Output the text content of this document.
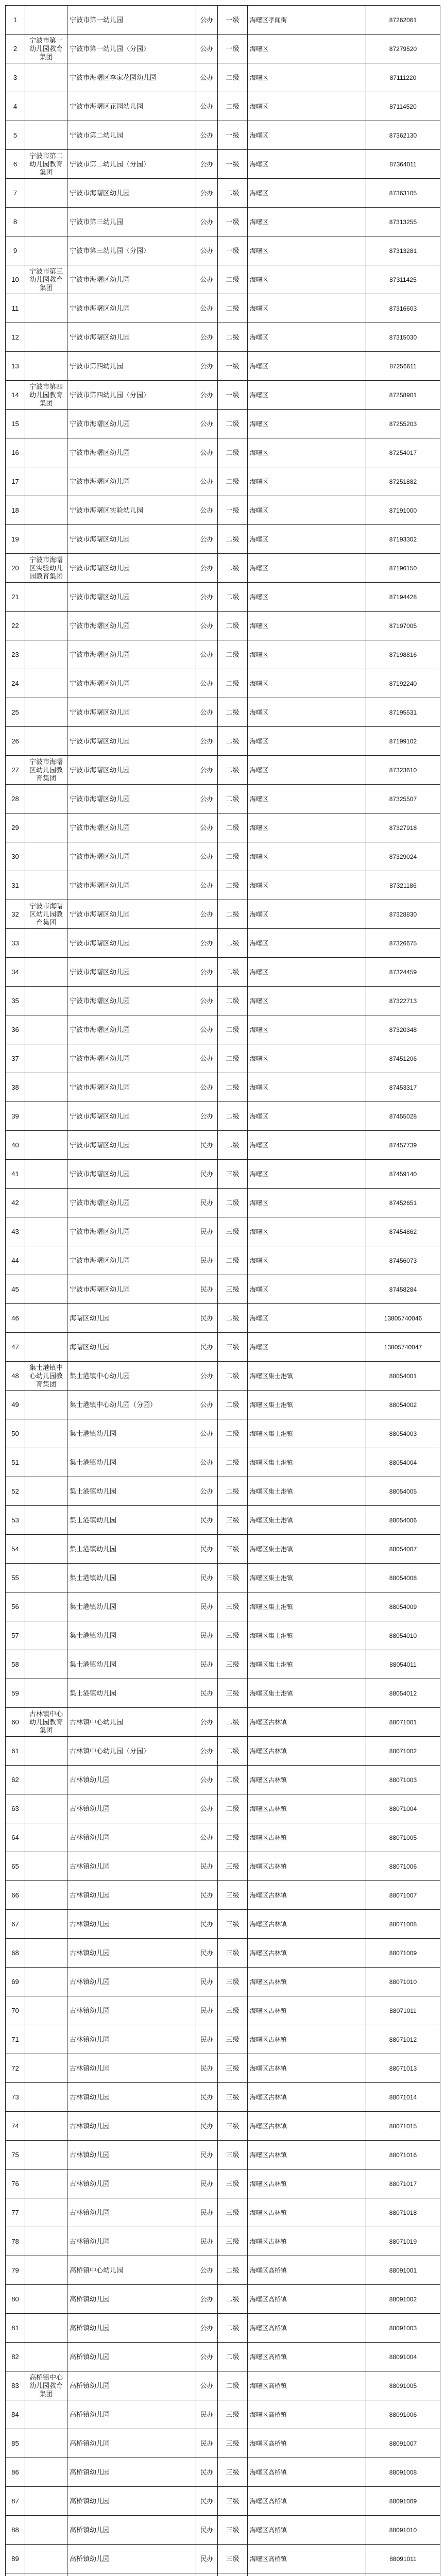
1		宁波市第一幼儿园	公办	一级	海曙区孝闻街	87262061
2	宁波市第一幼儿园教育集团	宁波市第一幼儿园（分园）	公办	一级	海曙区	87279520
3		宁波市海曙区李家花园幼儿园	公办	二级	海曙区	87111220
4		宁波市海曙区花园幼儿园	公办	二级	海曙区	87114520
5		宁波市第二幼儿园	公办	一级	海曙区	87362130
6	宁波市第二幼儿园教育集团	宁波市第二幼儿园（分园）	公办	一级	海曙区	87364011
7		宁波市海曙区幼儿园	公办	二级	海曙区	87363105
8		宁波市第三幼儿园	公办	一级	海曙区	87313255
9		宁波市第三幼儿园（分园）	公办	一级	海曙区	87313281
10	宁波市第三幼儿园教育集团	宁波市海曙区幼儿园	公办	二级	海曙区	87311425
11		宁波市海曙区幼儿园	公办	二级	海曙区	87316603
12		宁波市海曙区幼儿园	公办	二级	海曙区	87315030
13		宁波市第四幼儿园	公办	一级	海曙区	87256611
14	宁波市第四幼儿园教育集团	宁波市第四幼儿园（分园）	公办	一级	海曙区	87258901
15		宁波市海曙区幼儿园	公办	二级	海曙区	87255203
16		宁波市海曙区幼儿园	公办	二级	海曙区	87254017
17		宁波市海曙区幼儿园	公办	二级	海曙区	87251882
18		宁波市海曙区实验幼儿园	公办	一级	海曙区	87191000
19		宁波市海曙区幼儿园	公办	二级	海曙区	87193302
20	宁波市海曙区实验幼儿园教育集团	宁波市海曙区幼儿园	公办	二级	海曙区	87196150
21		宁波市海曙区幼儿园	公办	二级	海曙区	87194428
22		宁波市海曙区幼儿园	公办	二级	海曙区	87197005
23		宁波市海曙区幼儿园	公办	二级	海曙区	87198816
24		宁波市海曙区幼儿园	公办	二级	海曙区	87192240
25		宁波市海曙区幼儿园	公办	二级	海曙区	87195531
26		宁波市海曙区幼儿园	公办	二级	海曙区	87199102
27	宁波市海曙区幼儿园教育集团	宁波市海曙区幼儿园	公办	二级	海曙区	87323610
28		宁波市海曙区幼儿园	公办	二级	海曙区	87325507
29		宁波市海曙区幼儿园	公办	二级	海曙区	87327918
30		宁波市海曙区幼儿园	公办	二级	海曙区	87329024
31		宁波市海曙区幼儿园	公办	二级	海曙区	87321186
32	宁波市海曙区幼儿园教育集团	宁波市海曙区幼儿园	公办	二级	海曙区	87328830
33		宁波市海曙区幼儿园	公办	二级	海曙区	87326675
34		宁波市海曙区幼儿园	公办	二级	海曙区	87324459
35		宁波市海曙区幼儿园	公办	二级	海曙区	87322713
36		宁波市海曙区幼儿园	公办	二级	海曙区	87320348
37		宁波市海曙区幼儿园	公办	二级	海曙区	87451206
38		宁波市海曙区幼儿园	公办	二级	海曙区	87453317
39		宁波市海曙区幼儿园	公办	二级	海曙区	87455028
40		宁波市海曙区幼儿园	民办	二级	海曙区	87457739
41		宁波市海曙区幼儿园	民办	三级	海曙区	87459140
42		宁波市海曙区幼儿园	民办	二级	海曙区	87452651
43		宁波市海曙区幼儿园	民办	三级	海曙区	87454862
44		宁波市海曙区幼儿园	民办	二级	海曙区	87456073
45		宁波市海曙区幼儿园	民办	三级	海曙区	87458284
46		海曙区幼儿园	民办	二级	海曙区	13805740046
47		海曙区幼儿园	民办	三级	海曙区	13805740047
48	集士港镇中心幼儿园教育集团	集士港镇中心幼儿园	公办	二级	海曙区集士港镇	88054001
49		集士港镇中心幼儿园（分园）	公办	二级	海曙区集士港镇	88054002
50		集士港镇幼儿园	公办	二级	海曙区集士港镇	88054003
51		集士港镇幼儿园	公办	二级	海曙区集士港镇	88054004
52		集士港镇幼儿园	公办	二级	海曙区集士港镇	88054005
53		集士港镇幼儿园	民办	三级	海曙区集士港镇	88054006
54		集士港镇幼儿园	民办	三级	海曙区集士港镇	88054007
55		集士港镇幼儿园	民办	三级	海曙区集士港镇	88054008
56		集士港镇幼儿园	民办	三级	海曙区集士港镇	88054009
57		集士港镇幼儿园	民办	三级	海曙区集士港镇	88054010
58		集士港镇幼儿园	民办	三级	海曙区集士港镇	88054011
59		集士港镇幼儿园	民办	三级	海曙区集士港镇	88054012
60	古林镇中心幼儿园教育集团	古林镇中心幼儿园	公办	二级	海曙区古林镇	88071001
61		古林镇中心幼儿园（分园）	公办	二级	海曙区古林镇	88071002
62		古林镇幼儿园	公办	二级	海曙区古林镇	88071003
63		古林镇幼儿园	公办	二级	海曙区古林镇	88071004
64		古林镇幼儿园	公办	二级	海曙区古林镇	88071005
65		古林镇幼儿园	民办	三级	海曙区古林镇	88071006
66		古林镇幼儿园	民办	三级	海曙区古林镇	88071007
67		古林镇幼儿园	民办	三级	海曙区古林镇	88071008
68		古林镇幼儿园	民办	三级	海曙区古林镇	88071009
69		古林镇幼儿园	民办	三级	海曙区古林镇	88071010
70		古林镇幼儿园	民办	三级	海曙区古林镇	88071011
71		古林镇幼儿园	民办	三级	海曙区古林镇	88071012
72		古林镇幼儿园	民办	三级	海曙区古林镇	88071013
73		古林镇幼儿园	民办	三级	海曙区古林镇	88071014
74		古林镇幼儿园	民办	三级	海曙区古林镇	88071015
75		古林镇幼儿园	民办	三级	海曙区古林镇	88071016
76		古林镇幼儿园	民办	三级	海曙区古林镇	88071017
77		古林镇幼儿园	民办	三级	海曙区古林镇	88071018
78		古林镇幼儿园	民办	三级	海曙区古林镇	88071019
79		高桥镇中心幼儿园	公办	二级	海曙区高桥镇	88091001
80		高桥镇幼儿园	公办	二级	海曙区高桥镇	88091002
81		高桥镇幼儿园	公办	二级	海曙区高桥镇	88091003
82		高桥镇幼儿园	公办	二级	海曙区高桥镇	88091004
83	高桥镇中心幼儿园教育集团	高桥镇幼儿园	公办	二级	海曙区高桥镇	88091005
84		高桥镇幼儿园	民办	三级	海曙区高桥镇	88091006
85		高桥镇幼儿园	民办	三级	海曙区高桥镇	88091007
86		高桥镇幼儿园	民办	三级	海曙区高桥镇	88091008
87		高桥镇幼儿园	民办	三级	海曙区高桥镇	88091009
88		高桥镇幼儿园	民办	三级	海曙区高桥镇	88091010
89		高桥镇幼儿园	民办	三级	海曙区高桥镇	88091011
